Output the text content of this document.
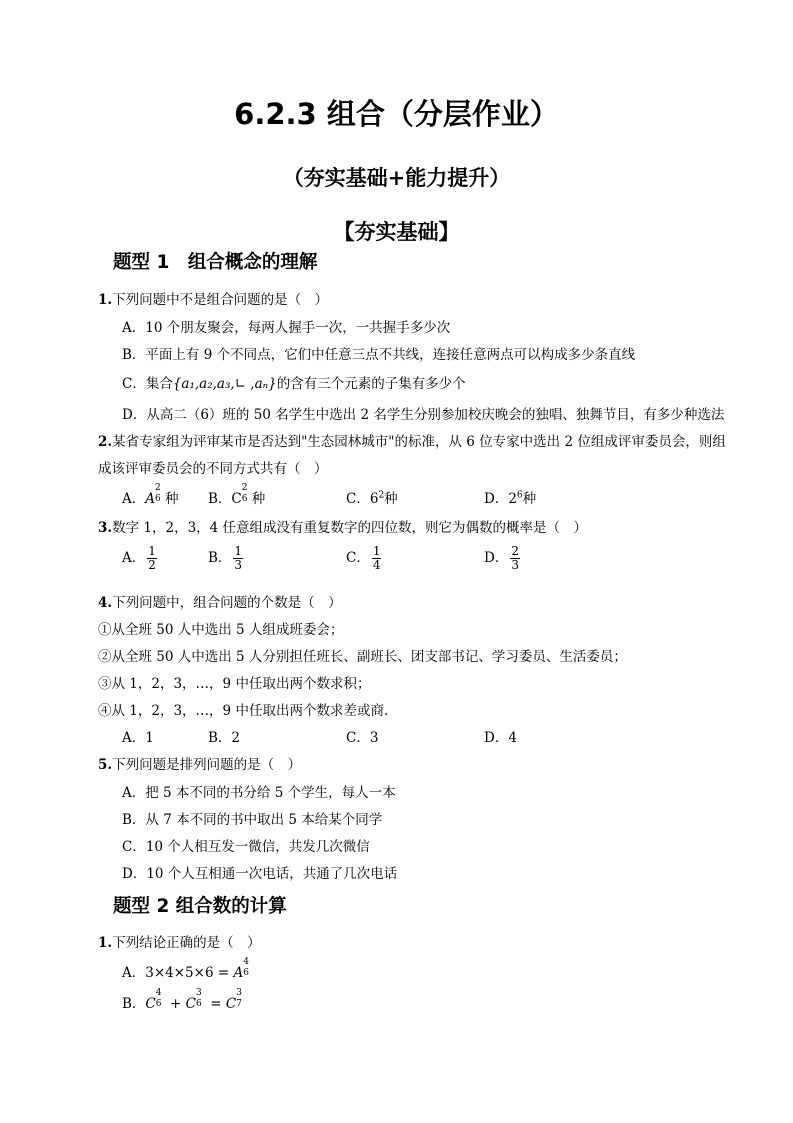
6.2.3 组合（分层作业）
（夯实基础+能力提升）
【夯实基础】
题型 1　组合概念的理解
1.下列问题中不是组合问题的是（　）
A．10 个朋友聚会，每两人握手一次，一共握手多少次
B．平面上有 9 个不同点，它们中任意三点不共线，连接任意两点可以构成多少条直线
C．集合{a₁,a₂,a₃,∟ ,aₙ}的含有三个元素的子集有多少个
D．从高二（6）班的 50 名学生中选出 2 名学生分别参加校庆晚会的独唱、独舞节目，有多少种选法
2.某省专家组为评审某市是否达到"生态园林城市"的标准，从 6 位专家中选出 2 位组成评审委员会，则组
成该评审委员会的不同方式共有（　）
A．A
2
6 种 B．C
2
6 种	C．$6^2$种	D．$2^6$种
3.数字 1，2，3，4 任意组成没有重复数字的四位数，则它为偶数的概率是（　）
A． $\frac{1}{2}$	B． $\frac{1}{3}$	C． $\frac{1}{4}$	D． $\frac{2}{3}$
4.下列问题中，组合问题的个数是（　）
①从全班 50 人中选出 5 人组成班委会；
②从全班 50 人中选出 5 人分别担任班长、副班长、团支部书记、学习委员、生活委员；
③从 1，2，3，…，9 中任取出两个数求积；
④从 1，2，3，…，9 中任取出两个数求差或商.
A．1	B．2	C．3	D．4
5.下列问题是排列问题的是（　）
A．把 5 本不同的书分给 5 个学生，每人一本
B．从 7 本不同的书中取出 5 本给某个同学
C．10 个人相互发一微信，共发几次微信
D．10 个人互相通一次电话，共通了几次电话
题型 2 组合数的计算
1.下列结论正确的是（　）
A．3×4×5×6 = A
4
6
B．C
4
6 + C
3
6 = C
3
7
